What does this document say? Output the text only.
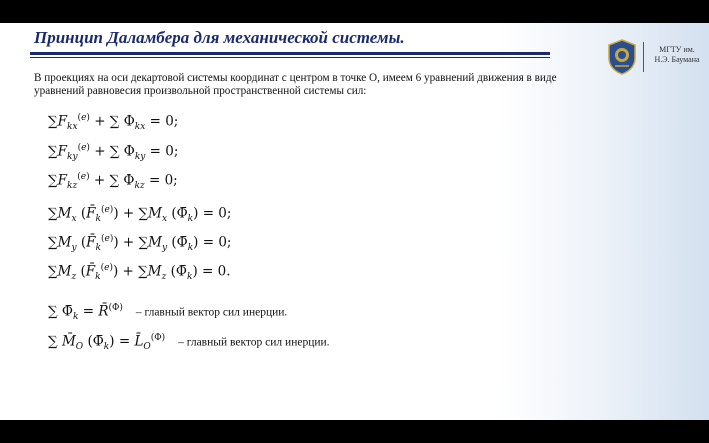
Принцип Даламбера для механической системы.
МГТУ им.
Н.Э. Баумана
В проекциях на оси декартовой системы координат с центром в точке O, имеем 6 уравнений движения в виде уравнений равновесия произвольной пространственной системы сил:
$\sum F_{kx}^{(e)}$ + ∑ $\Phi_{kx} = 0$;
$\sum F_{ky}^{(e)}$ + ∑ $\Phi_{ky} = 0$;
$\sum F_{kz}^{(e)}$ + ∑ $\Phi_{kz} = 0$;
$\sum M_x$ $(F̄_k^{(e)}) + \sum M_x$ $(\Phī_k) = 0$;
$\sum M_y$ $(F̄_k^{(e)}) + \sum M_y$ $(\Phī_k) = 0$;
$\sum M_z$ $(F̄_k^{(e)}) + \sum M_z$ $(\Phī_k) = 0$.
∑ $\Phī_k$ = R̄$^{(\Phi)}$ – главный вектор сил инерции.
∑ $M̄_O$ $(\Phī_k)$ = $L̄_O^{(\Phi)}$ – главный вектор сил инерции.
